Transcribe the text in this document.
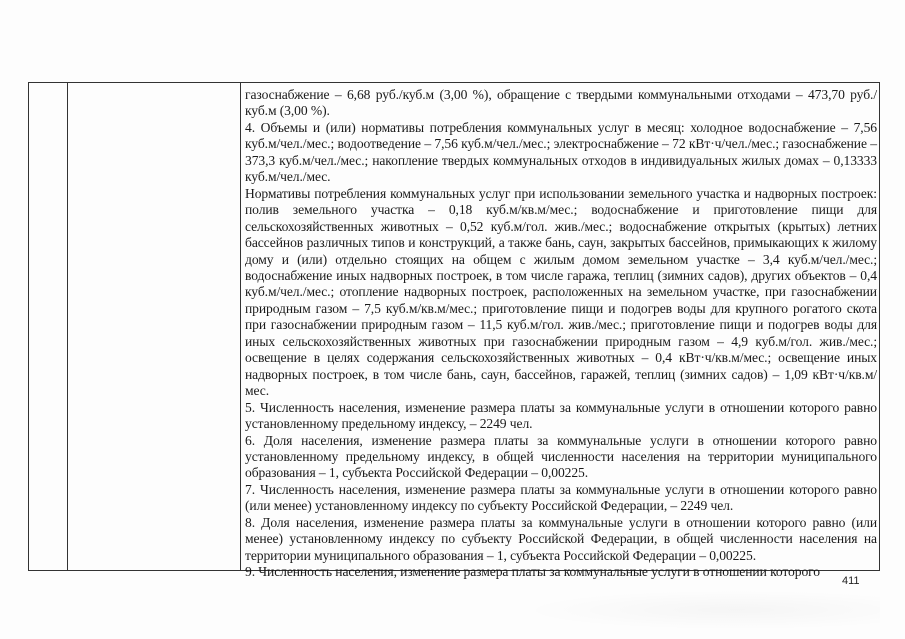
газоснабжение – 6,68 руб./куб.м (3,00 %), обращение с твердыми коммунальными отходами – 473,70 руб./куб.м (3,00 %).

4. Объемы и (или) нормативы потребления коммунальных услуг в месяц: холодное водоснабжение – 7,56 куб.м/чел./мес.; водоотведение – 7,56 куб.м/чел./мес.; электроснабжение – 72 кВт·ч/чел./мес.; газоснабжение – 373,3 куб.м/чел./мес.; накопление твердых коммунальных отходов в индивидуальных жилых домах – 0,13333 куб.м/чел./мес.

Нормативы потребления коммунальных услуг при использовании земельного участка и надворных построек: полив земельного участка – 0,18 куб.м/кв.м/мес.; водоснабжение и приготовление пищи для сельскохозяйственных животных – 0,52 куб.м/гол. жив./мес.; водоснабжение открытых (крытых) летних бассейнов различных типов и конструкций, а также бань, саун, закрытых бассейнов, примыкающих к жилому дому и (или) отдельно стоящих на общем с жилым домом земельном участке – 3,4 куб.м/чел./мес.; водоснабжение иных надворных построек, в том числе гаража, теплиц (зимних садов), других объектов – 0,4 куб.м/чел./мес.; отопление надворных построек, расположенных на земельном участке, при газоснабжении природным газом – 7,5 куб.м/кв.м/мес.; приготовление пищи и подогрев воды для крупного рогатого скота при газоснабжении природным газом – 11,5 куб.м/гол. жив./мес.; приготовление пищи и подогрев воды для иных сельскохозяйственных животных при газоснабжении природным газом – 4,9 куб.м/гол. жив./мес.; освещение в целях содержания сельскохозяйственных животных – 0,4 кВт·ч/кв.м/мес.; освещение иных надворных построек, в том числе бань, саун, бассейнов, гаражей, теплиц (зимних садов) – 1,09 кВт·ч/кв.м/мес.

5. Численность населения, изменение размера платы за коммунальные услуги в отношении которого равно установленному предельному индексу, – 2249 чел.

6. Доля населения, изменение размера платы за коммунальные услуги в отношении которого равно установленному предельному индексу, в общей численности населения на территории муниципального образования – 1, субъекта Российской Федерации – 0,00225.

7. Численность населения, изменение размера платы за коммунальные услуги в отношении которого равно (или менее) установленному индексу по субъекту Российской Федерации, – 2249 чел.

8. Доля населения, изменение размера платы за коммунальные услуги в отношении которого равно (или менее) установленному индексу по субъекту Российской Федерации, в общей численности населения на территории муниципального образования – 1, субъекта Российской Федерации – 0,00225.

9. Численность населения, изменение размера платы за коммунальные услуги в отношении которого

411
